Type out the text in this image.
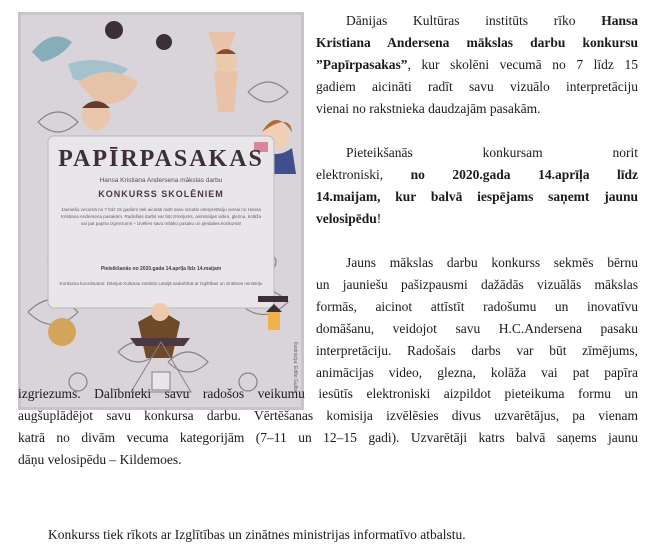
PAPĪRPASAKAS
Hansa Kristiana Andersena mākslas darbu
KONKURSS SKOLĒNIEM
Jauniešu vecumā no 7 līdz 15 gadiem tiek aicināti radīt savu vizuālo interpretāciju vienai no Hansa Kristiana Andersena pasakām. Radošais darbs var būt zīmējums, animācijas video, glezna, kolāža vai pat papīra izgriezums – izvēlies savu mīļāko pasaku un piedalies konkursā!
Pieteikšanās no 2020.gada 14.aprīļa līdz 14.maijam
Konkursa koordinatori: Dānijas Kultūras institūts Latvijā sadarbībā ar Izglītības un zinātnes ministriju
Ilustrācija: Edīte Gulbe
Dānijas Kultūras institūts rīko Hansa
Kristiana Andersena mākslas darbu konkursu
”Papīrpasakas”, kur skolēni vecumā no 7 līdz 15
gadiem aicināti radīt savu vizuālo interpretāciju
vienai no rakstnieka daudzajām pasakām.
Pieteikšanās konkursam norit
elektroniski, no 2020.gada 14.aprīļa līdz
14.maijam, kur balvā iespējams saņemt jaunu
velosipēdu!
Jauns mākslas darbu konkurss sekmēs bērnu
un jauniešu pašizpausmi dažādās vizuālās mākslas
formās, aicinot attīstīt radošumu un inovatīvu
domāšanu, veidojot savu H.C.Andersena pasaku
interpretāciju. Radošais darbs var būt zīmējums,
animācijas video, glezna, kolāža vai pat papīra
izgriezums. Dalībnieki savu radošos veikumu iesūtīs elektroniski aizpildot pieteikuma formu un
augšuplādējot savu konkursa darbu. Vērtēšanas komisija izvēlēsies divus uzvarētājus, pa vienam
katrā no divām vecuma kategorijām (7–11 un 12–15 gadi). Uzvarētāji katrs balvā saņems jaunu
dāņu velosipēdu – Kildemoes.
Konkurss tiek rīkots ar Izglītības un zinātnes ministrijas informatīvo atbalstu.
